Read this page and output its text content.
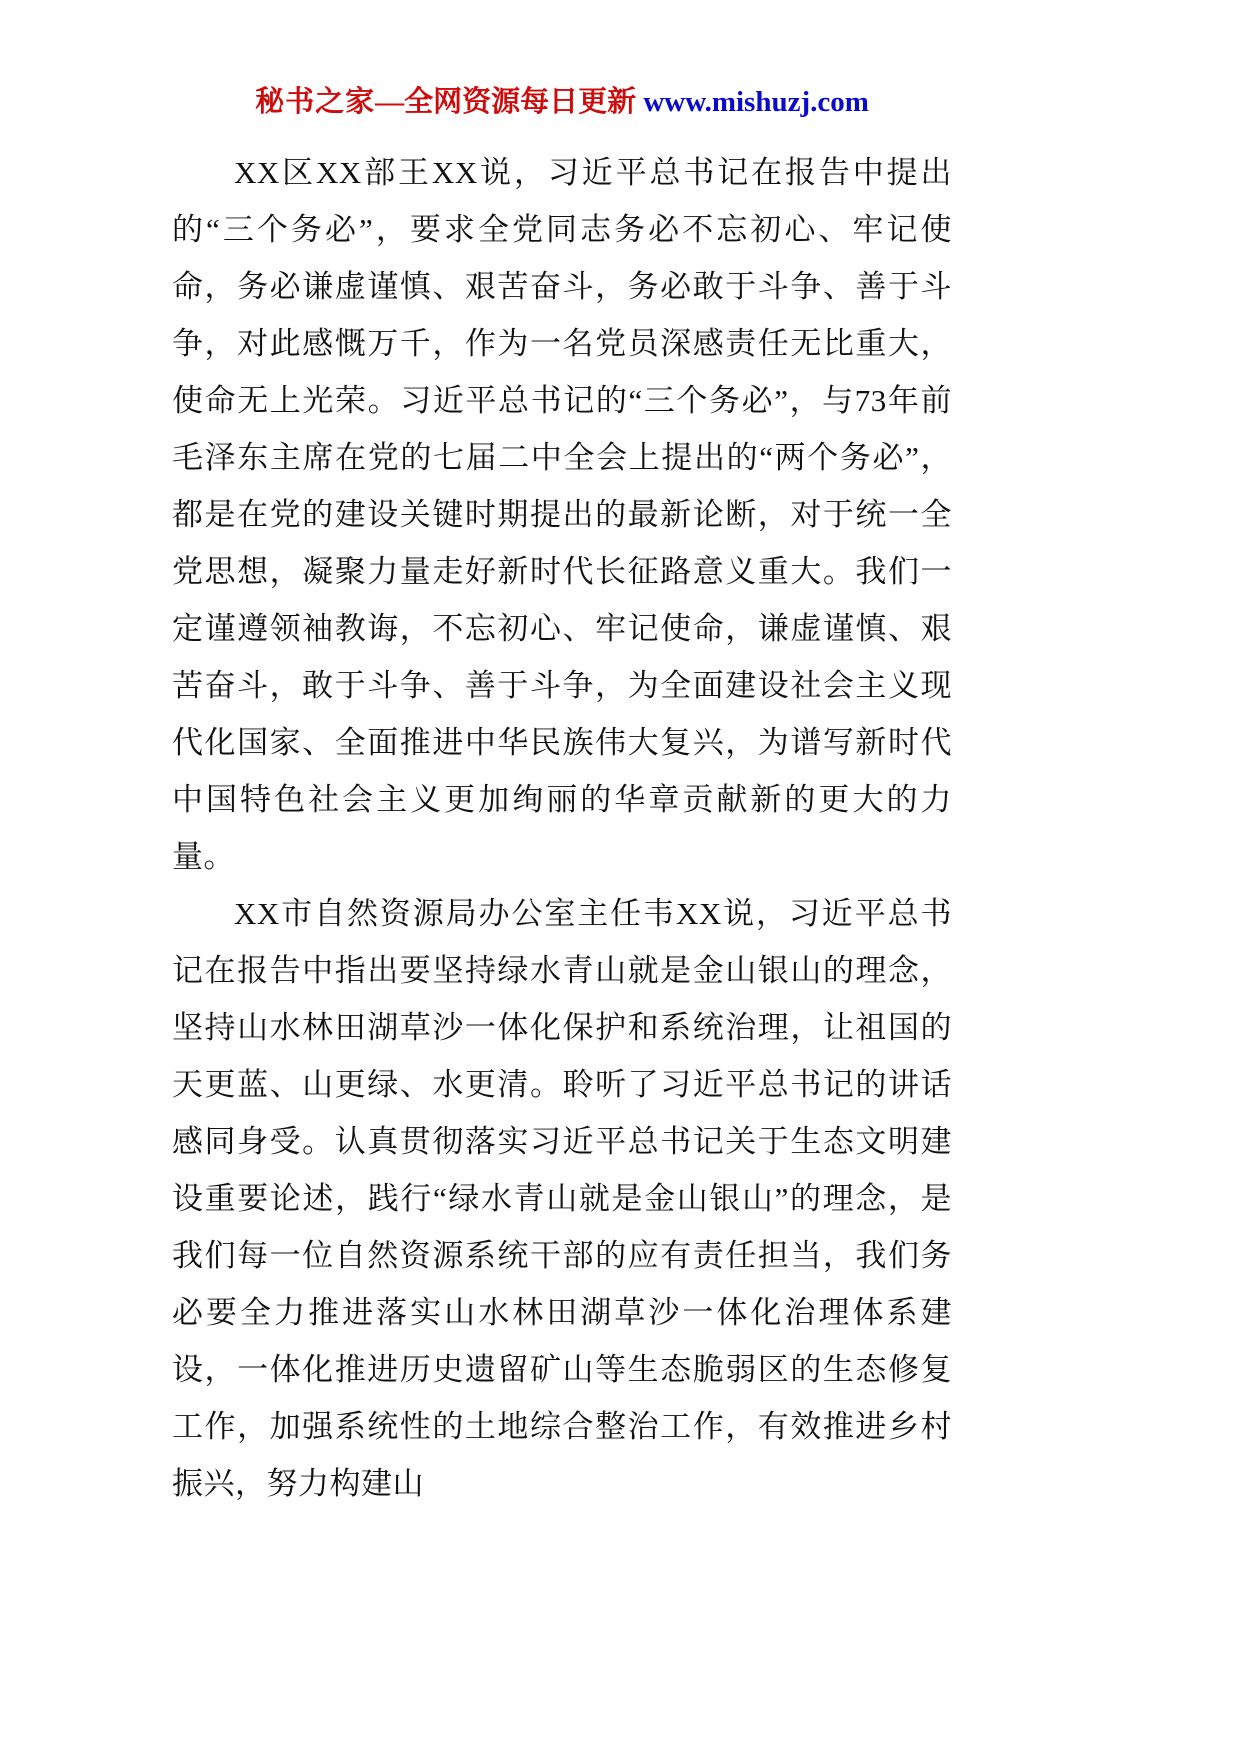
秘书之家—全网资源每日更新 www.mishuzj.com

XX区XX部王XX说，习近平总书记在报告中提出的“三个务必”，要求全党同志务必不忘初心、牢记使命，务必谦虚谨慎、艰苦奋斗，务必敢于斗争、善于斗争，对此感慨万千，作为一名党员深感责任无比重大，使命无上光荣。习近平总书记的“三个务必”，与73年前毛泽东主席在党的七届二中全会上提出的“两个务必”，都是在党的建设关键时期提出的最新论断，对于统一全党思想，凝聚力量走好新时代长征路意义重大。我们一定谨遵领袖教诲，不忘初心、牢记使命，谦虚谨慎、艰苦奋斗，敢于斗争、善于斗争，为全面建设社会主义现代化国家、全面推进中华民族伟大复兴，为谱写新时代中国特色社会主义更加绚丽的华章贡献新的更大的力量。

XX市自然资源局办公室主任韦XX说，习近平总书记在报告中指出要坚持绿水青山就是金山银山的理念，坚持山水林田湖草沙一体化保护和系统治理，让祖国的天更蓝、山更绿、水更清。聆听了习近平总书记的讲话感同身受。认真贯彻落实习近平总书记关于生态文明建设重要论述，践行“绿水青山就是金山银山”的理念，是我们每一位自然资源系统干部的应有责任担当，我们务必要全力推进落实山水林田湖草沙一体化治理体系建设，一体化推进历史遗留矿山等生态脆弱区的生态修复工作，加强系统性的土地综合整治工作，有效推进乡村振兴，努力构建山
